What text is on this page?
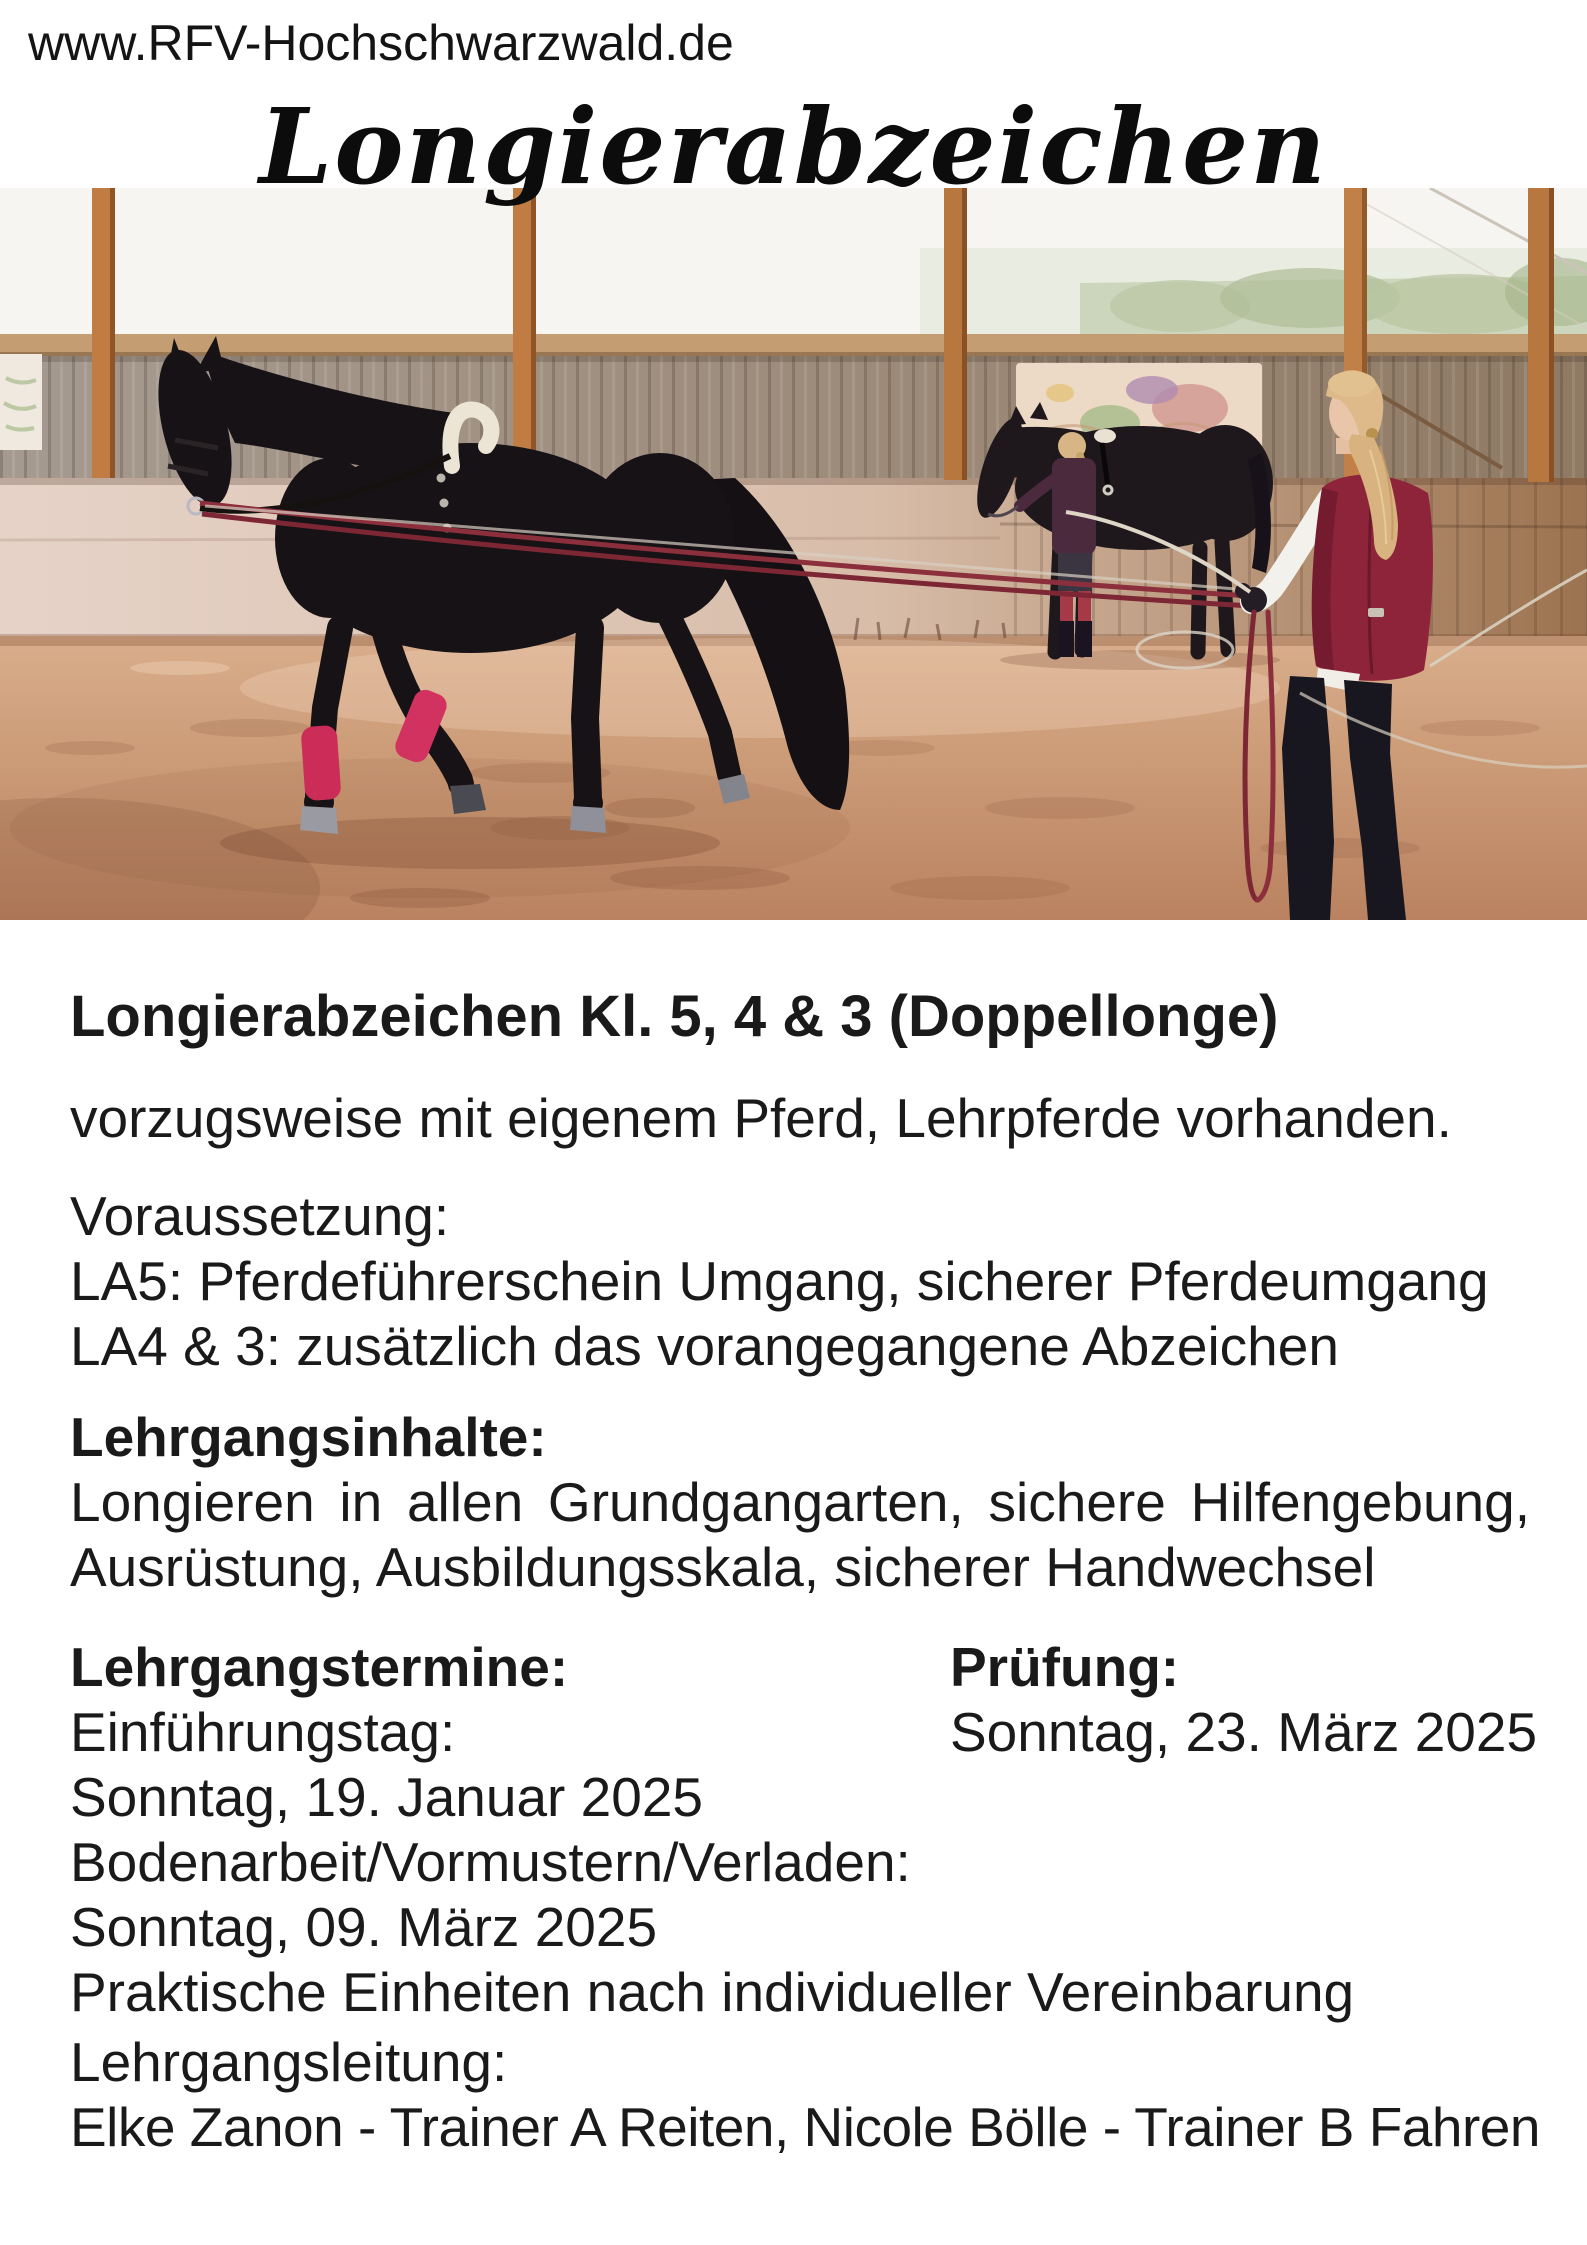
www.RFV-Hochschwarzwald.de
Longierabzeichen
Longierabzeichen Kl. 5, 4 & 3 (Doppellonge)
vorzugsweise mit eigenem Pferd, Lehrpferde vorhanden.
Voraussetzung:
LA5: Pferdeführerschein Umgang, sicherer Pferdeumgang
LA4 & 3: zusätzlich das vorangegangene Abzeichen
Lehrgangsinhalte:
Longieren in allen Grundgangarten, sichere Hilfengebung,
Ausrüstung, Ausbildungsskala, sicherer Handwechsel
Lehrgangstermine:
Einführungstag:
Sonntag, 19. Januar 2025
Bodenarbeit/Vormustern/Verladen:
Sonntag, 09. März 2025
Praktische Einheiten nach individueller Vereinbarung
Prüfung:
Sonntag, 23. März 2025
Lehrgangsleitung:
Elke Zanon - Trainer A Reiten, Nicole Bölle - Trainer B Fahren
